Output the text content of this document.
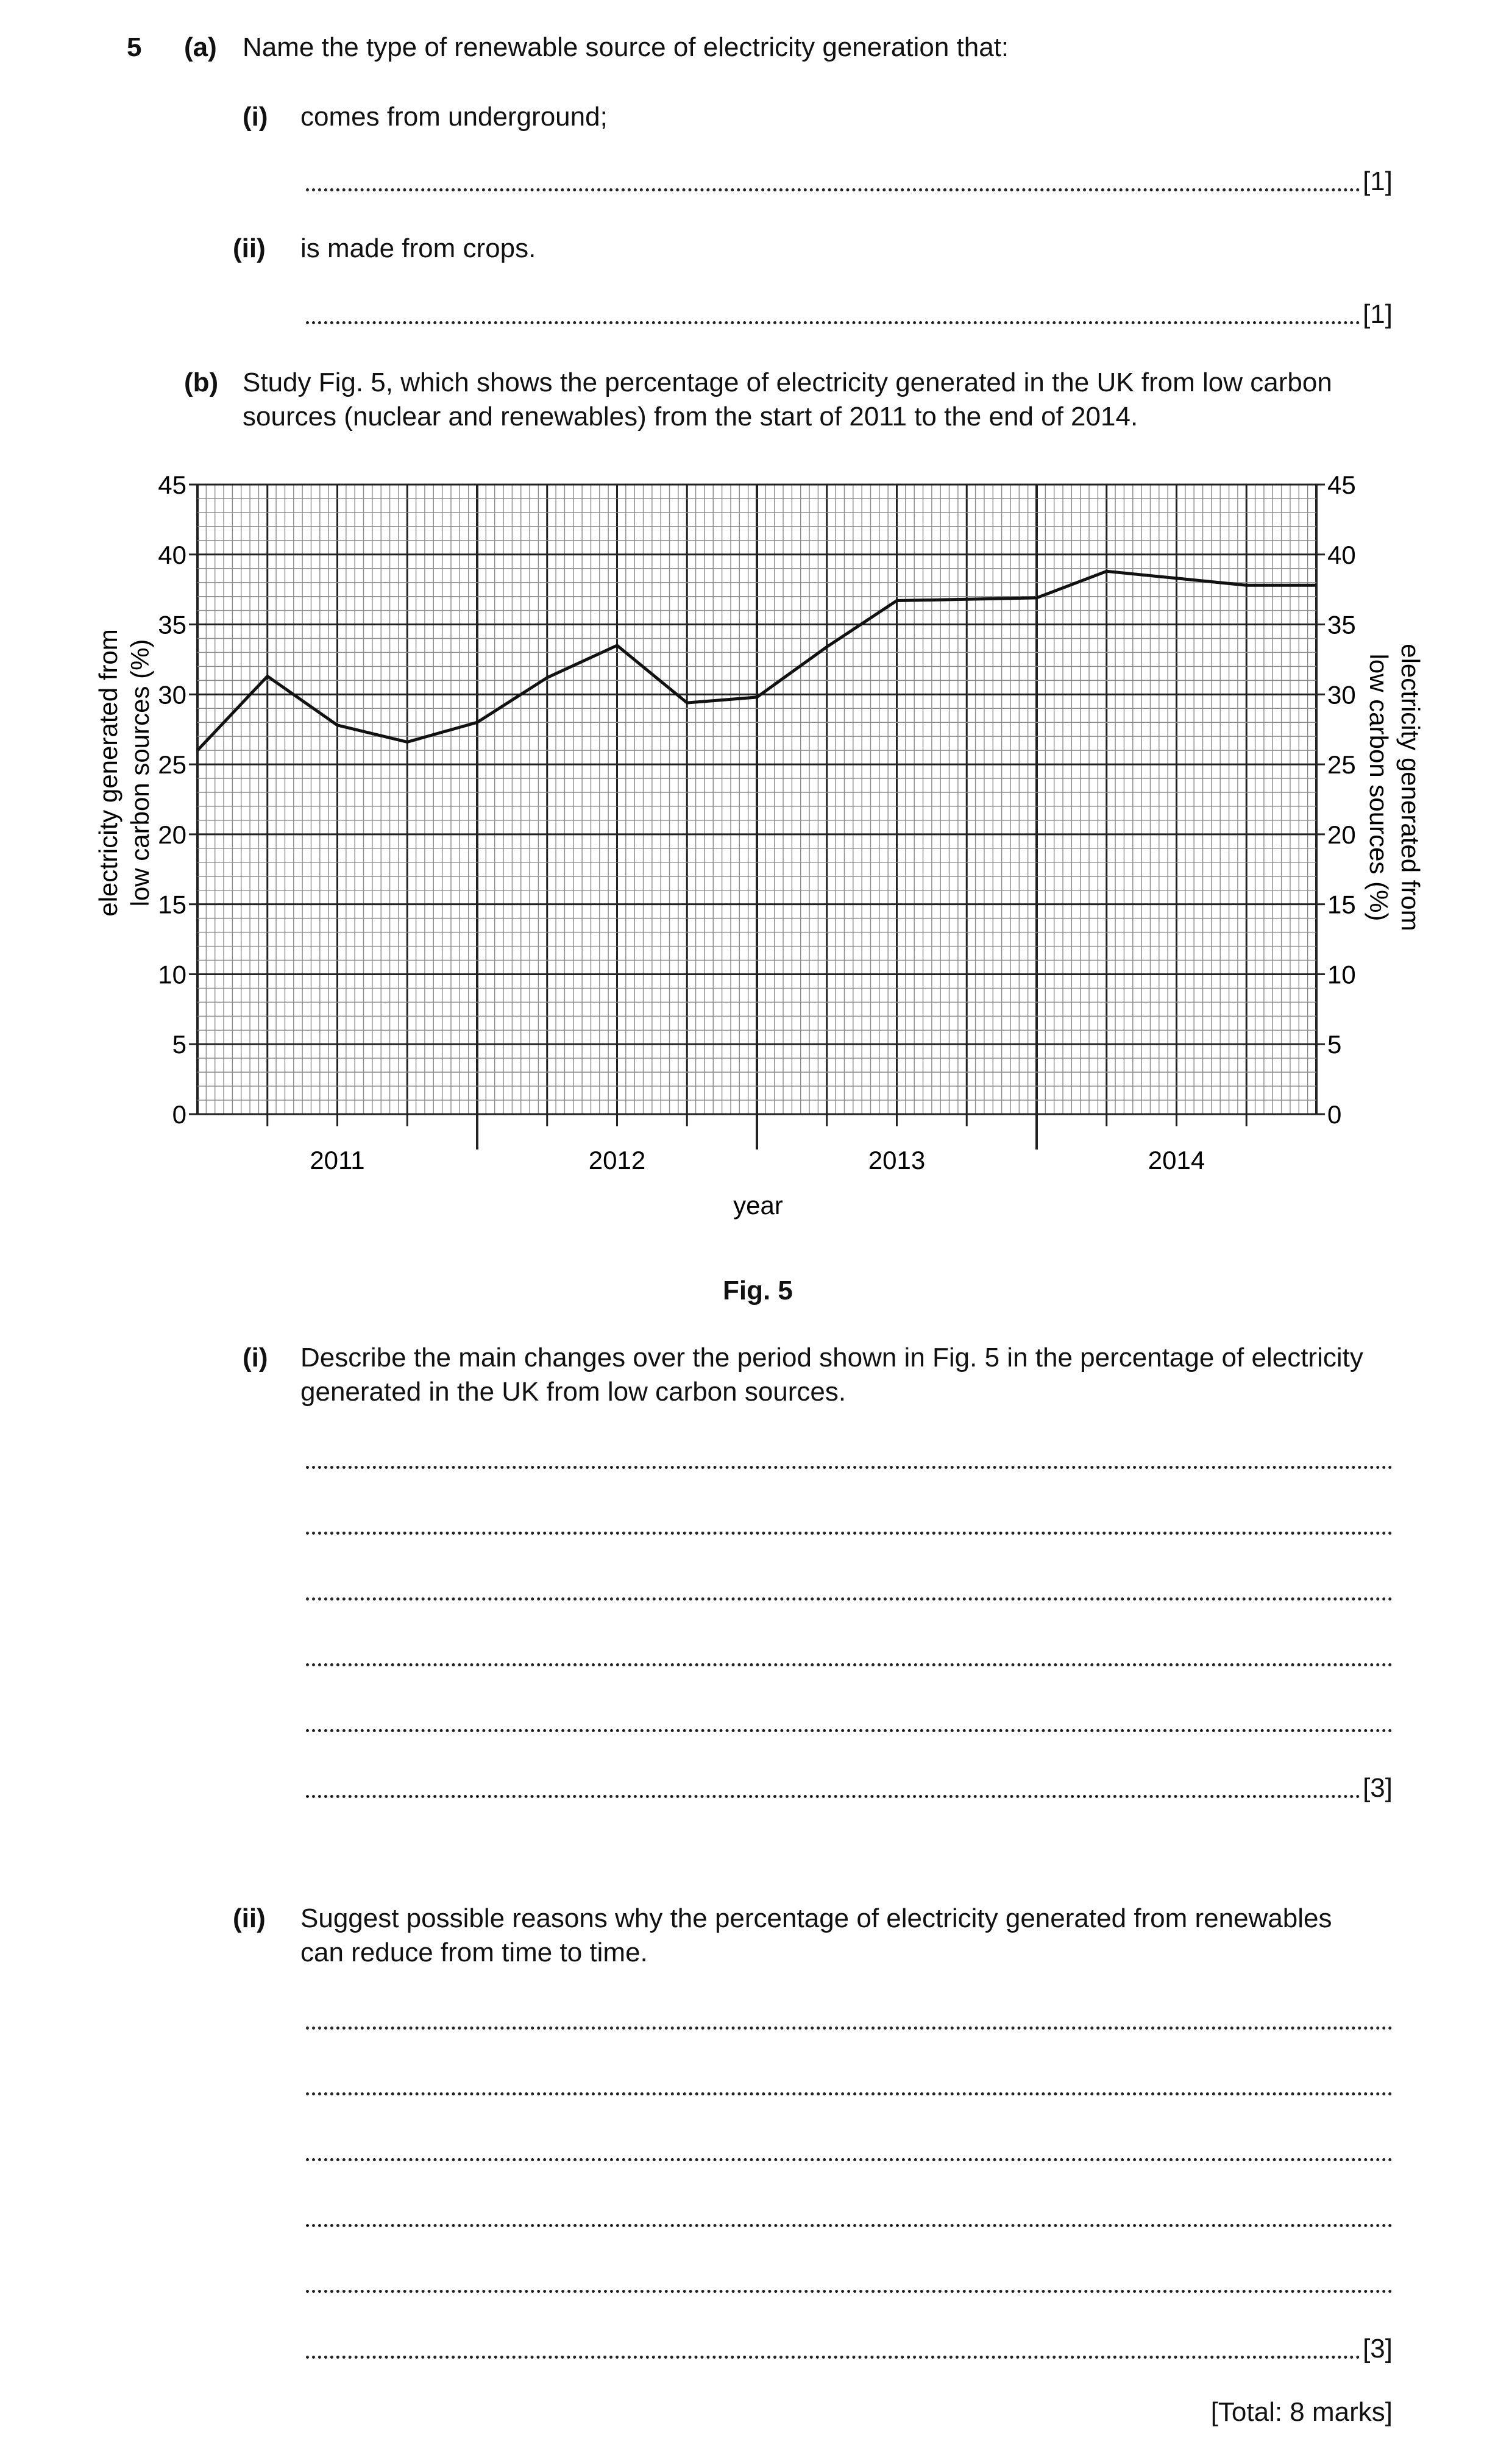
5 (a) Name the type of renewable source of electricity generation that:
(i) comes from underground;
[1]
(ii) is made from crops.
[1]
(b) Study Fig. 5, which shows the percentage of electricity generated in the UK from low carbon
sources (nuclear and renewables) from the start of 2011 to the end of 2014.
0
5
10
15
20
25
30
35
40
45
0
5
10
15
20
25
30
35
40
45
2011	2012	2013	2014
electricity generated from low carbon sources (%)	electricity generated from
low carbon sources (%)
year
Fig. 5
(i) Describe the main changes over the period shown in Fig. 5 in the percentage of electricity
generated in the UK from low carbon sources.
[3]
(ii) Suggest possible reasons why the percentage of electricity generated from renewables
can reduce from time to time.
[3]
[Total: 8 marks]
